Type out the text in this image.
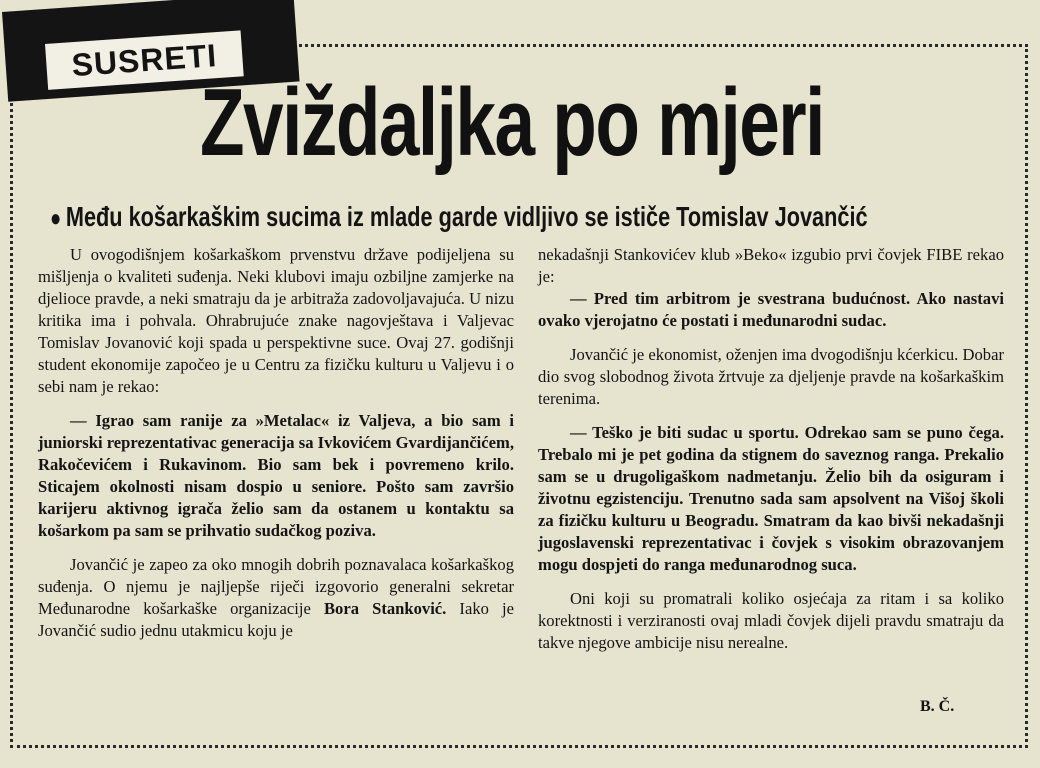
SUSRETI
Zviždaljka po mjeri
● Među košarkaškim sucima iz mlade garde vidljivo se ističe Tomislav Jovančić

U ovogodišnjem košarkaškom prvenstvu države podijeljena su mišljenja o kvaliteti suđenja. Neki klubovi imaju ozbiljne zamjerke na djelioce pravde, a neki smatraju da je arbitraža zadovoljavajuća. U nizu kritika ima i pohvala. Ohrabrujuće znake nagovještava i Valjevac Tomislav Jovanović koji spada u perspektivne suce. Ovaj 27. godišnji student ekonomije započeo je u Centru za fizičku kulturu u Valjevu i o sebi nam je rekao:

— Igrao sam ranije za »Metalac« iz Valjeva, a bio sam i juniorski reprezentativac generacija sa Ivkovićem Gvardijančićem, Rakočevićem i Rukavinom. Bio sam bek i povremeno krilo. Sticajem okolnosti nisam dospio u seniore. Pošto sam završio karijeru aktivnog igrača želio sam da ostanem u kontaktu sa košarkom pa sam se prihvatio sudačkog poziva.

Jovančić je zapeo za oko mnogih dobrih poznavalaca košarkaškog suđenja. O njemu je najljepše riječi izgovorio generalni sekretar Međunarodne košarkaške organizacije Bora Stanković. Iako je Jovančić sudio jednu utakmicu koju je

nekadašnji Stankovićev klub »Beko« izgubio prvi čovjek FIBE rekao je:

— Pred tim arbitrom je svestrana budućnost. Ako nastavi ovako vjerojatno će postati i međunarodni sudac.

Jovančić je ekonomist, oženjen ima dvogodišnju kćerkicu. Dobar dio svog slobodnog života žrtvuje za djeljenje pravde na košarkaškim terenima.

— Teško je biti sudac u sportu. Odrekao sam se puno čega. Trebalo mi je pet godina da stignem do saveznog ranga. Prekalio sam se u drugoligaškom nadmetanju. Želio bih da osiguram i životnu egzistenciju. Trenutno sada sam apsolvent na Višoj školi za fizičku kulturu u Beogradu. Smatram da kao bivši nekadašnji jugoslavenski reprezentativac i čovjek s visokim obrazovanjem mogu dospjeti do ranga međunarodnog suca.

Oni koji su promatrali koliko osjećaja za ritam i sa koliko korektnosti i verziranosti ovaj mladi čovjek dijeli pravdu smatraju da takve njegove ambicije nisu nerealne.

B. Č.
